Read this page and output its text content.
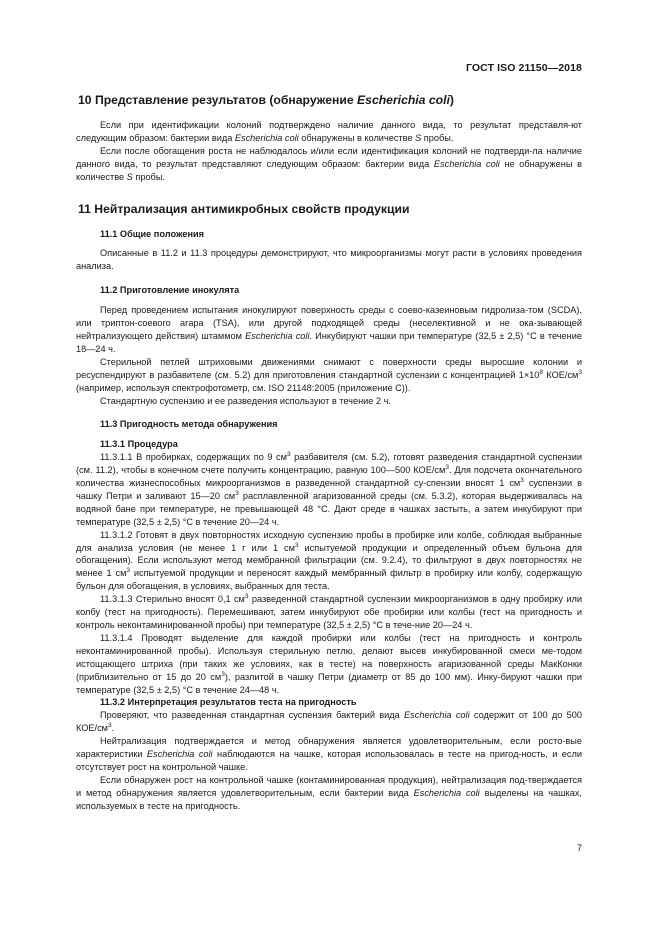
ГОСТ ISO 21150—2018

10 Представление результатов (обнаружение Escherichia coli)

Если при идентификации колоний подтверждено наличие данного вида, то результат представля-ют следующим образом: бактерии вида Escherichia coli обнаружены в количестве S пробы.

Если после обогащения роста не наблюдалось и/или если идентификация колоний не подтверди-ла наличие данного вида, то результат представляют следующим образом: бактерии вида Escherichia coli не обнаружены в количестве S пробы.

11 Нейтрализация антимикробных свойств продукции

11.1 Общие положения

Описанные в 11.2 и 11.3 процедуры демонстрируют, что микроорганизмы могут расти в условиях проведения анализа.

11.2 Приготовление инокулята

Перед проведением испытания инокулируют поверхность среды с соево-казеиновым гидролиза-том (SCDA), или триптон-соевого агара (TSA), или другой подходящей среды (неселективной и не ока-зывающей нейтрализующего действия) штаммом Escherichia coli. Инкубируют чашки при температуре (32,5 ± 2,5) °С в течение 18—24 ч.

Стерильной петлей штриховыми движениями снимают с поверхности среды выросшие колонии и ресуспендируют в разбавителе (см. 5.2) для приготовления стандартной суспензии с концентрацией $1\times 10^8$ КОЕ/$см^3$ (например, используя спектрофотометр, см. ISO 21148:2005 (приложение С)).

Стандартную суспензию и ее разведения используют в течение 2 ч.

11.3 Пригодность метода обнаружения

11.3.1 Процедура

11.3.1.1 В пробирках, содержащих по 9 $см^3$ разбавителя (см. 5.2), готовят разведения стандартной суспензии (см. 11.2), чтобы в конечном счете получить концентрацию, равную 100—500 КОЕ/$см^3$. Для подсчета окончательного количества жизнеспособных микроорганизмов в разведенной стандартной су-спензии вносят 1 $см^3$ суспензии в чашку Петри и заливают 15—20 $см^3$ расплавленной агаризованной среды (см. 5.3.2), которая выдерживалась на водяной бане при температуре, не превышающей 48 °С. Дают среде в чашках застыть, а затем инкубируют при температуре (32,5 ± 2,5) °С в течение 20—24 ч.

11.3.1.2 Готовят в двух повторностях исходную суспензию пробы в пробирке или колбе, соблюдая выбранные для анализа условия (не менее 1 г или 1 $см^3$ испытуемой продукции и определенный объем бульона для обогащения). Если используют метод мембранной фильтрации (см. 9.2.4), то фильтруют в двух повторностях не менее 1 $см^3$ испытуемой продукции и переносят каждый мембранный фильтр в пробирку или колбу, содержащую бульон для обогащения, в условиях, выбранных для теста.

11.3.1.3 Стерильно вносят 0,1 $см^3$ разведенной стандартной суспензии микроорганизмов в одну пробирку или колбу (тест на пригодность). Перемешивают, затем инкубируют обе пробирки или колбы (тест на пригодность и контроль неконтаминированной пробы) при температуре (32,5 ± 2,5) °С в тече-ние 20—24 ч.

11.3.1.4 Проводят выделение для каждой пробирки или колбы (тест на пригодность и контроль неконтаминированной пробы). Используя стерильную петлю, делают высев инкубированной смеси ме-тодом истощающего штриха (при таких же условиях, как в тесте) на поверхность агаризованной среды МакКонки (приблизительно от 15 до 20 $см^3$), разлитой в чашку Петри (диаметр от 85 до 100 мм). Инку-бируют чашки при температуре (32,5 ± 2,5) °С в течение 24—48 ч.

11.3.2 Интерпретация результатов теста на пригодность

Проверяют, что разведенная стандартная суспензия бактерий вида Escherichia coli содержит от 100 до 500 КОЕ/$см^3$.

Нейтрализация подтверждается и метод обнаружения является удовлетворительным, если росто-вые характеристики Escherichia coli наблюдаются на чашке, которая использовалась в тесте на пригод-ность, и если отсутствует рост на контрольной чашке.

Если обнаружен рост на контрольной чашке (контаминированная продукция), нейтрализация под-тверждается и метод обнаружения является удовлетворительным, если бактерии вида Escherichia coli выделены на чашках, используемых в тесте на пригодность.

7
